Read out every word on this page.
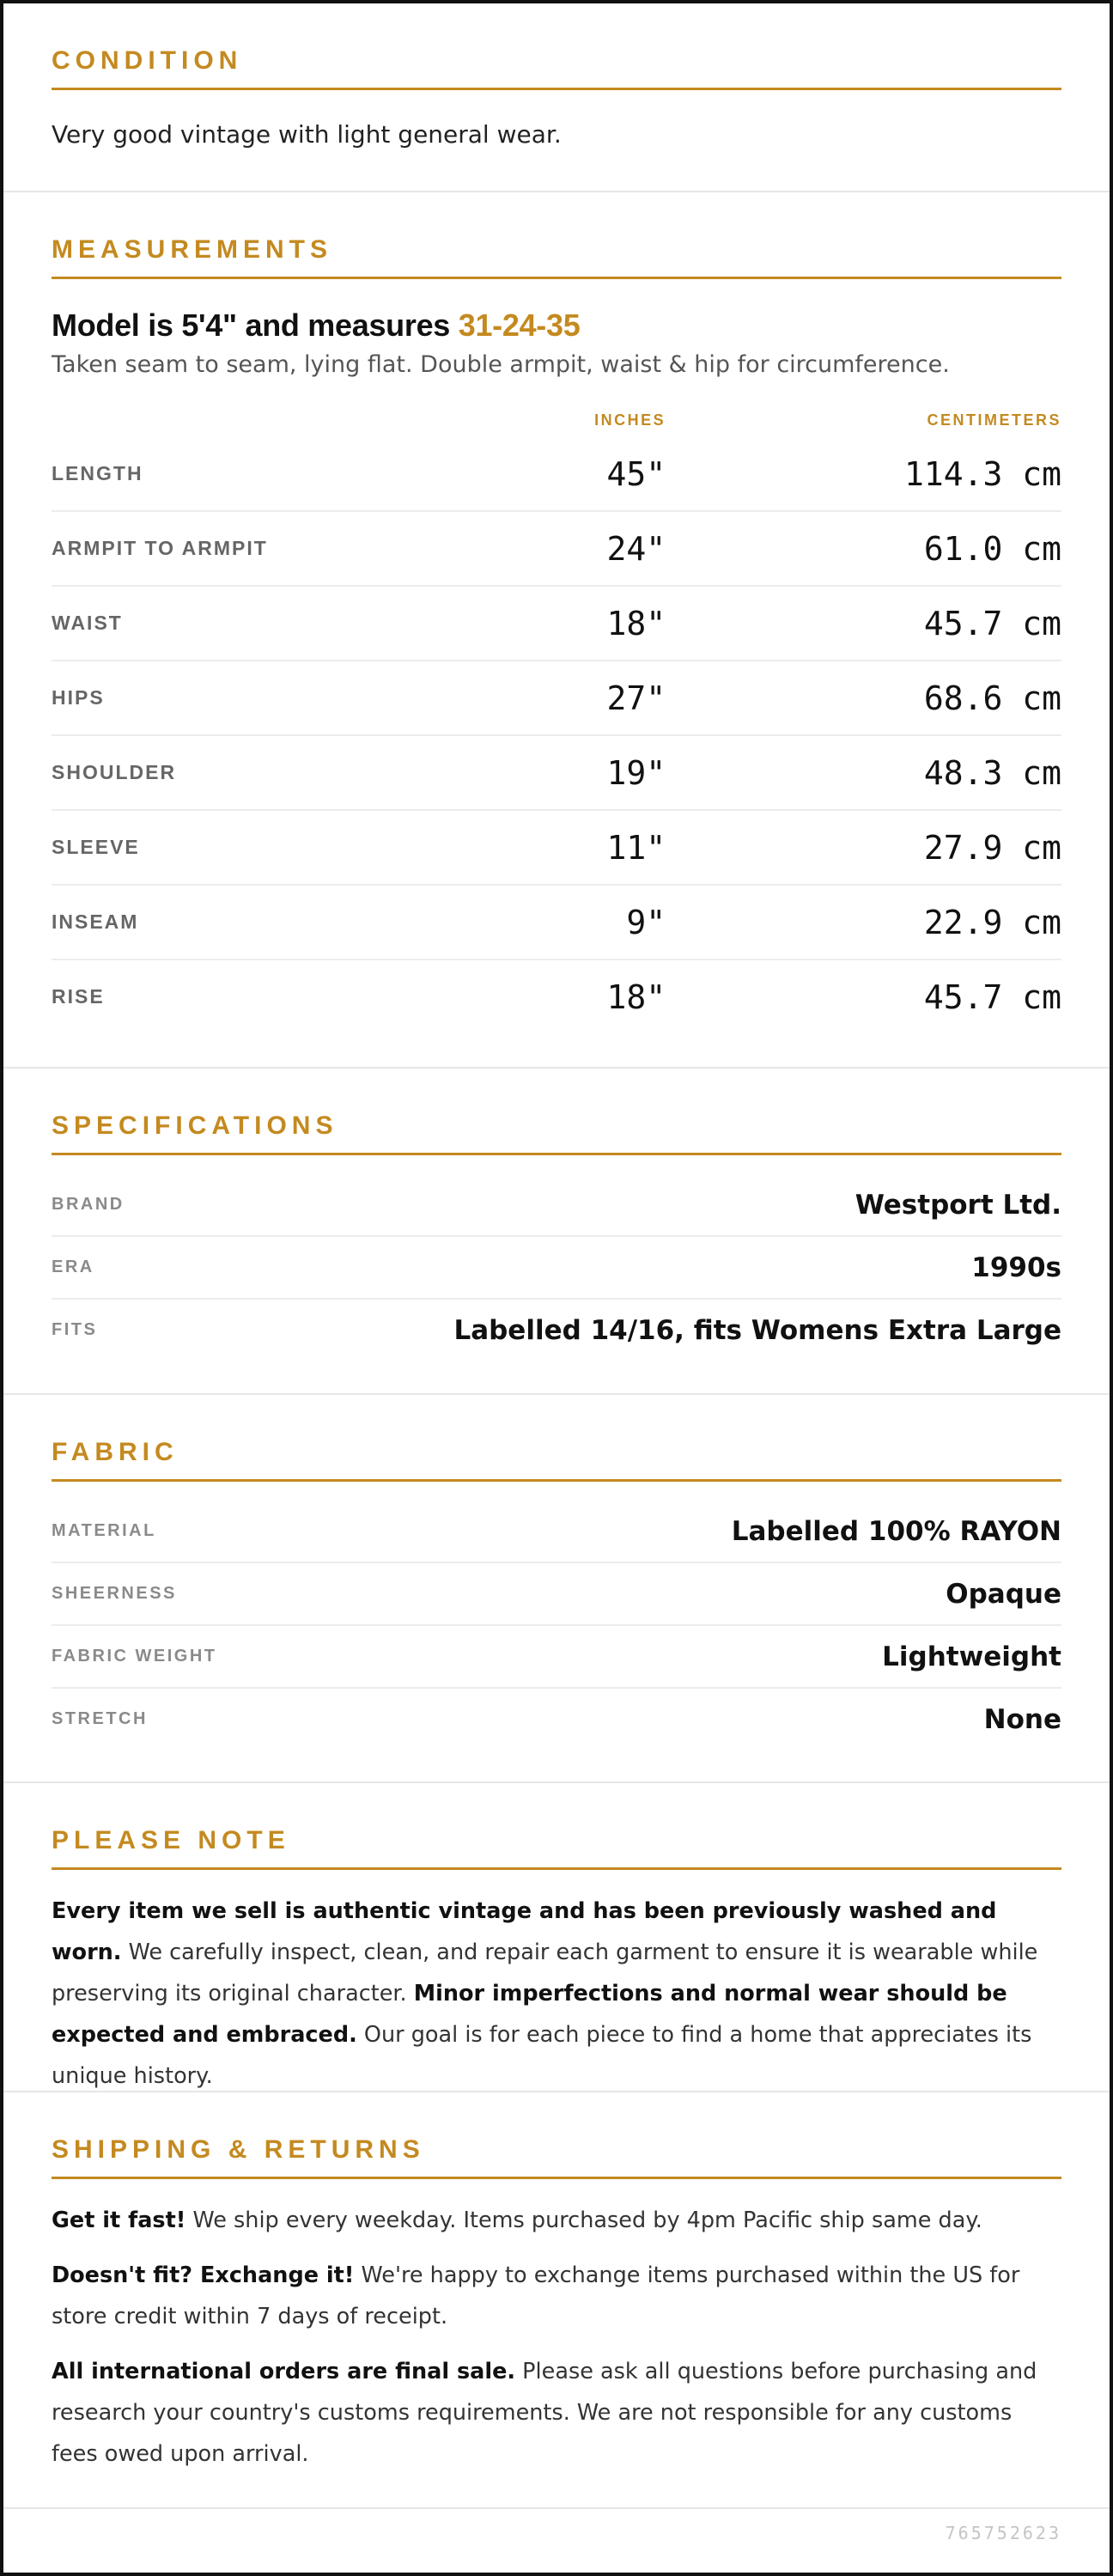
CONDITION
Very good vintage with light general wear.
MEASUREMENTS
Model is 5'4" and measures 31-24-35
Taken seam to seam, lying flat. Double armpit, waist & hip for circumference.
INCHES	CENTIMETERS
LENGTH	45"	114.3 cm
ARMPIT TO ARMPIT	24"	61.0 cm
WAIST	18"	45.7 cm
HIPS	27"	68.6 cm
SHOULDER	19"	48.3 cm
SLEEVE	11"	27.9 cm
INSEAM	9"	22.9 cm
RISE	18"	45.7 cm
SPECIFICATIONS
BRAND	Westport Ltd.
ERA	1990s
FITS	Labelled 14/16, fits Womens Extra Large
FABRIC
MATERIAL	Labelled 100% RAYON
SHEERNESS	Opaque
FABRIC WEIGHT	Lightweight
STRETCH	None
PLEASE NOTE

Every item we sell is authentic vintage and has been previously washed and worn. We carefully inspect, clean, and repair each garment to ensure it is wearable while preserving its original character. Minor imperfections and normal wear should be expected and embraced. Our goal is for each piece to find a home that appreciates its unique history.

SHIPPING & RETURNS

Get it fast! We ship every weekday. Items purchased by 4pm Pacific ship same day.

Doesn't fit? Exchange it! We're happy to exchange items purchased within the US for store credit within 7 days of receipt.

All international orders are final sale. Please ask all questions before purchasing and research your country's customs requirements. We are not responsible for any customs fees owed upon arrival.

765752623
